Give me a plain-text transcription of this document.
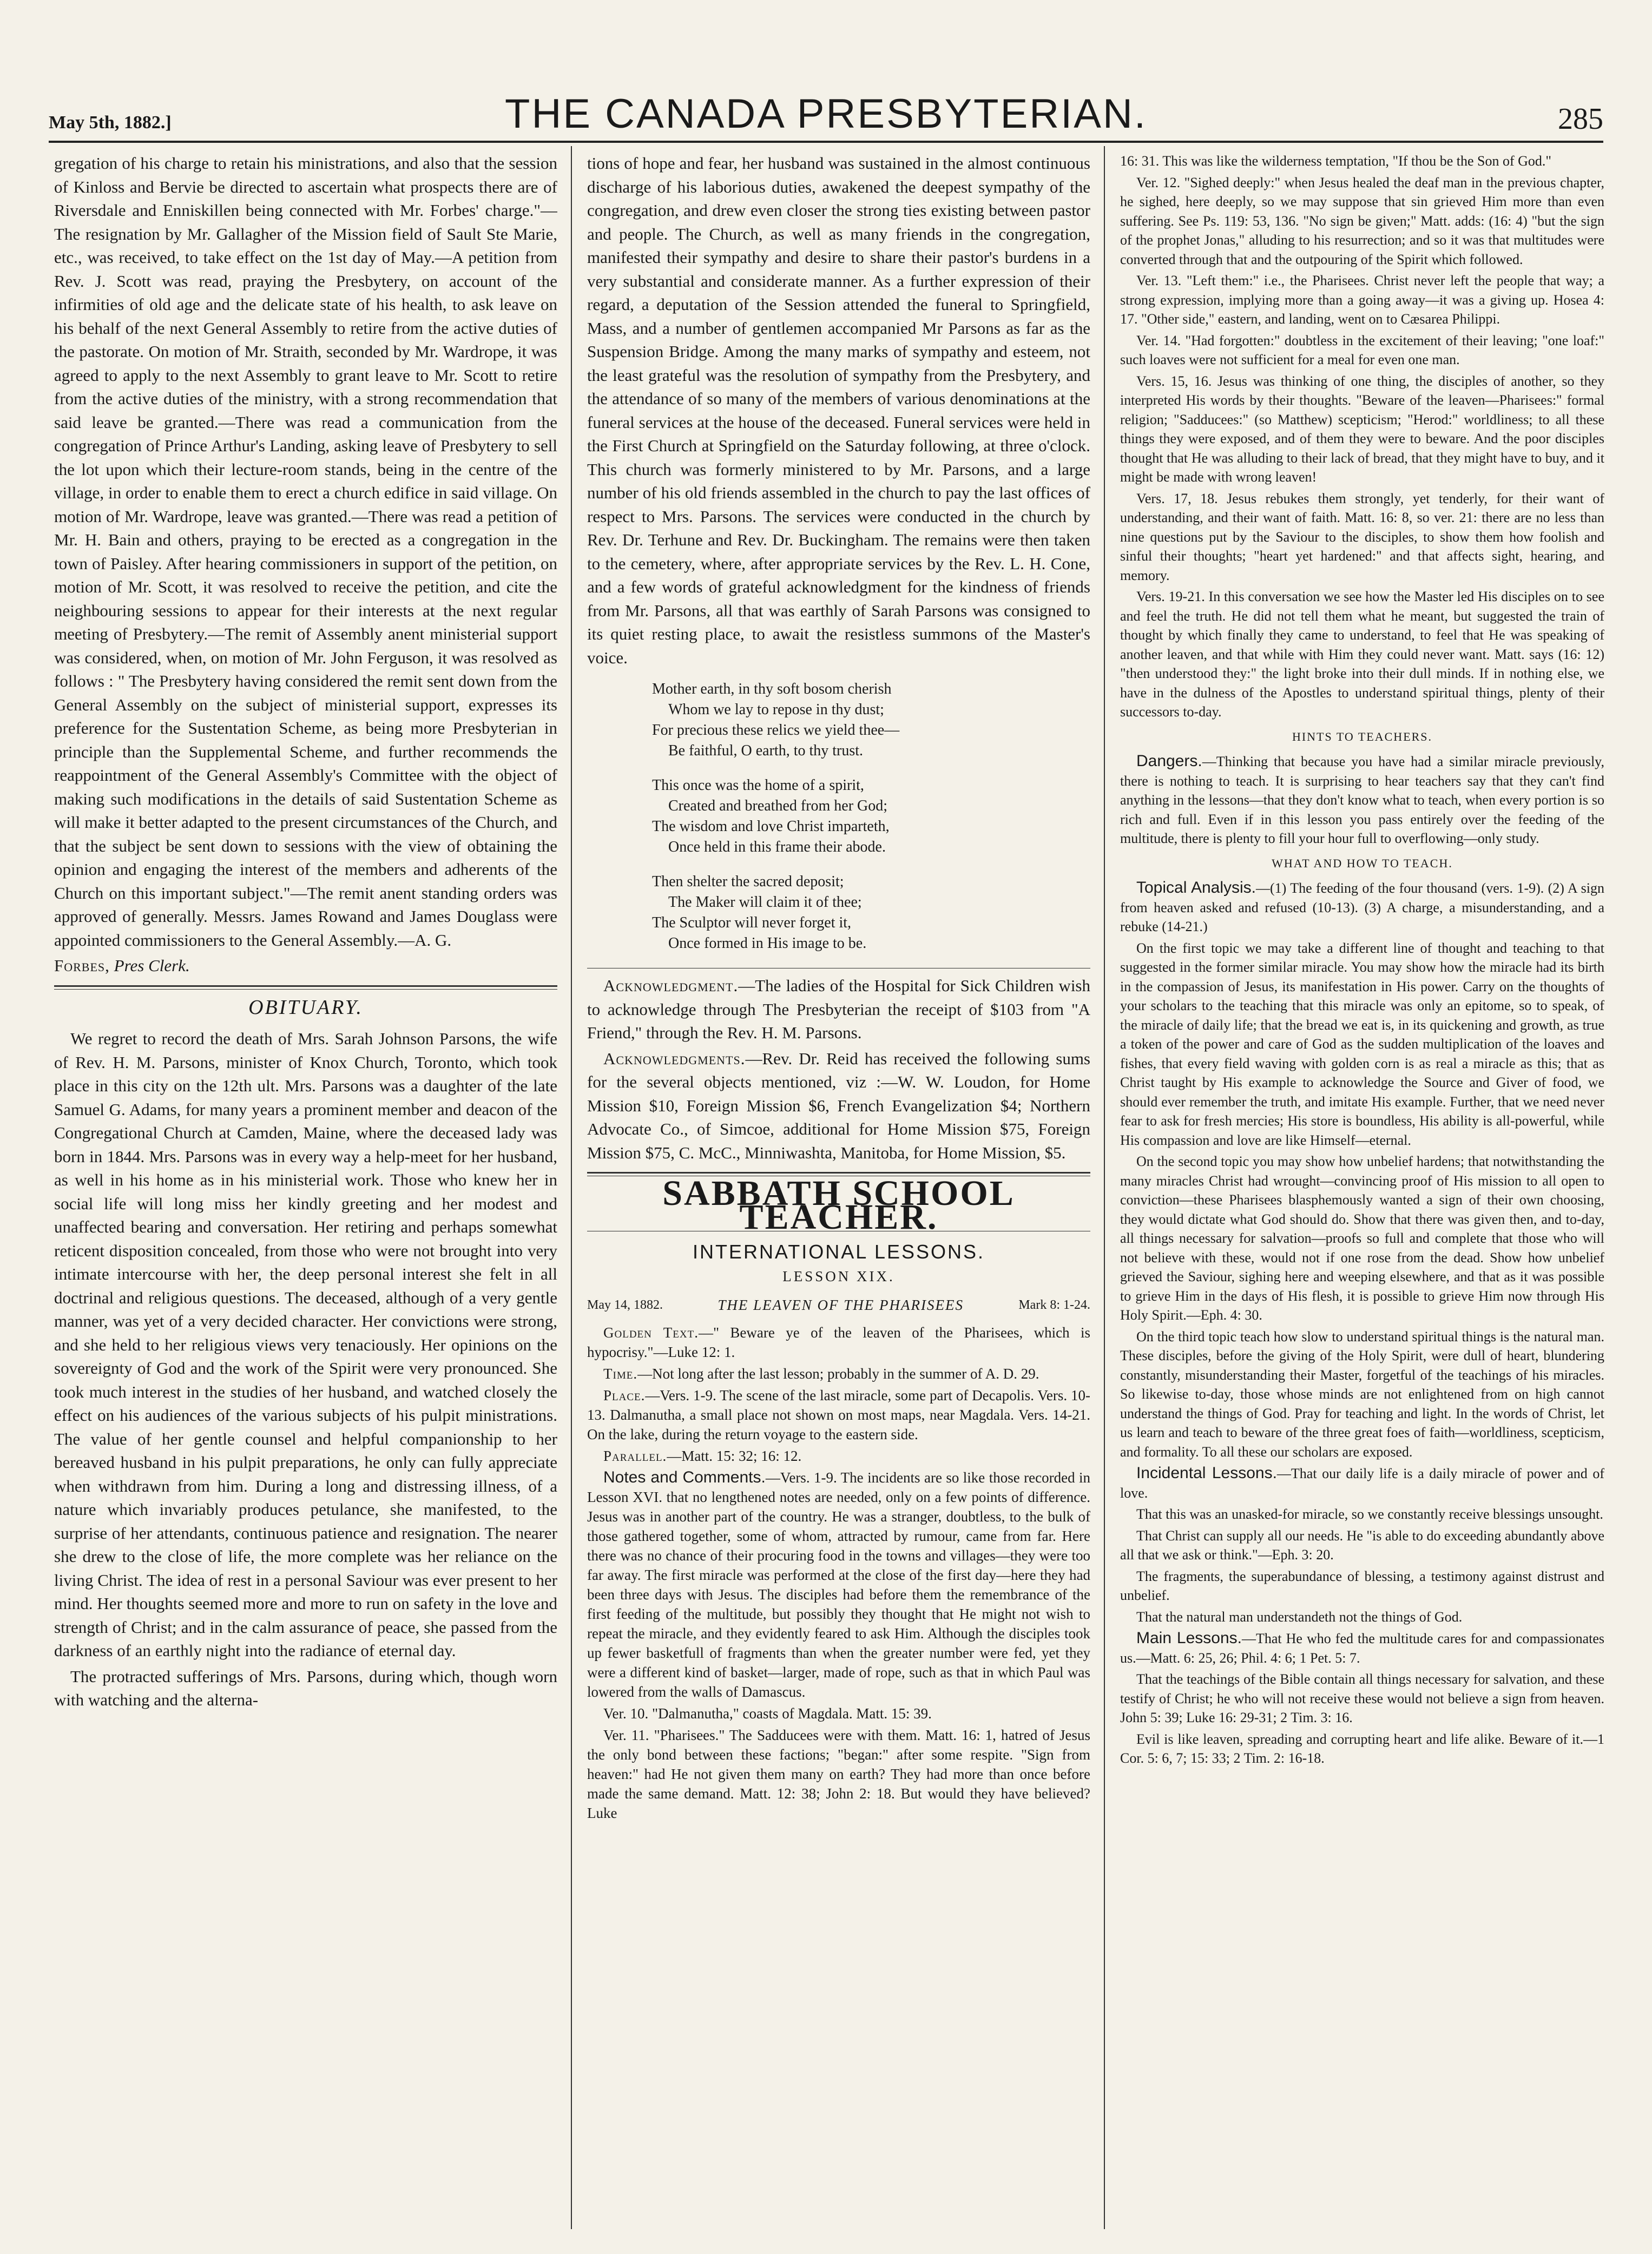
May 5th, 1882.]	THE CANADA PRESBYTERIAN.	285

gregation of his charge to retain his ministrations, and also that the session of Kinloss and Bervie be directed to ascertain what prospects there are of Riversdale and Enniskillen being connected with Mr. Forbes' charge."—The resignation by Mr. Gallagher of the Mission field of Sault Ste Marie, etc., was received, to take effect on the 1st day of May.—A petition from Rev. J. Scott was read, praying the Presbytery, on account of the infirmities of old age and the delicate state of his health, to ask leave on his behalf of the next General Assembly to retire from the active duties of the pastorate. On motion of Mr. Straith, seconded by Mr. Wardrope, it was agreed to apply to the next Assembly to grant leave to Mr. Scott to retire from the active duties of the ministry, with a strong recommendation that said leave be granted.—There was read a communication from the congregation of Prince Arthur's Landing, asking leave of Presbytery to sell the lot upon which their lecture-room stands, being in the centre of the village, in order to enable them to erect a church edifice in said village. On motion of Mr. Wardrope, leave was granted.—There was read a petition of Mr. H. Bain and others, praying to be erected as a congregation in the town of Paisley. After hearing commissioners in support of the petition, on motion of Mr. Scott, it was resolved to receive the petition, and cite the neighbouring sessions to appear for their interests at the next regular meeting of Presbytery.—The remit of Assembly anent ministerial support was considered, when, on motion of Mr. John Ferguson, it was resolved as follows : " The Presbytery having considered the remit sent down from the General Assembly on the subject of ministerial support, expresses its preference for the Sustentation Scheme, as being more Presbyterian in principle than the Supplemental Scheme, and further recommends the reappointment of the General Assembly's Committee with the object of making such modifications in the details of said Sustentation Scheme as will make it better adapted to the present circumstances of the Church, and that the subject be sent down to sessions with the view of obtaining the opinion and engaging the interest of the members and adherents of the Church on this important subject."—The remit anent standing orders was approved of generally. Messrs. James Rowand and James Douglass were appointed commissioners to the General Assembly.—A. G.

Forbes, Pres Clerk.

OBITUARY.

We regret to record the death of Mrs. Sarah Johnson Parsons, the wife of Rev. H. M. Parsons, minister of Knox Church, Toronto, which took place in this city on the 12th ult. Mrs. Parsons was a daughter of the late Samuel G. Adams, for many years a prominent member and deacon of the Congregational Church at Camden, Maine, where the deceased lady was born in 1844. Mrs. Parsons was in every way a help-meet for her husband, as well in his home as in his ministerial work. Those who knew her in social life will long miss her kindly greeting and her modest and unaffected bearing and conversation. Her retiring and perhaps somewhat reticent disposition concealed, from those who were not brought into very intimate intercourse with her, the deep personal interest she felt in all doctrinal and religious questions. The deceased, although of a very gentle manner, was yet of a very decided character. Her convictions were strong, and she held to her religious views very tenaciously. Her opinions on the sovereignty of God and the work of the Spirit were very pronounced. She took much interest in the studies of her husband, and watched closely the effect on his audiences of the various subjects of his pulpit ministrations. The value of her gentle counsel and helpful companionship to her bereaved husband in his pulpit preparations, he only can fully appreciate when withdrawn from him. During a long and distressing illness, of a nature which invariably produces petulance, she manifested, to the surprise of her attendants, continuous patience and resignation. The nearer she drew to the close of life, the more complete was her reliance on the living Christ. The idea of rest in a personal Saviour was ever present to her mind. Her thoughts seemed more and more to run on safety in the love and strength of Christ; and in the calm assurance of peace, she passed from the darkness of an earthly night into the radiance of eternal day.

The protracted sufferings of Mrs. Parsons, during which, though worn with watching and the alterna-

tions of hope and fear, her husband was sustained in the almost continuous discharge of his laborious duties, awakened the deepest sympathy of the congregation, and drew even closer the strong ties existing between pastor and people. The Church, as well as many friends in the congregation, manifested their sympathy and desire to share their pastor's burdens in a very substantial and considerate manner. As a further expression of their regard, a deputation of the Session attended the funeral to Springfield, Mass, and a number of gentlemen accompanied Mr Parsons as far as the Suspension Bridge. Among the many marks of sympathy and esteem, not the least grateful was the resolution of sympathy from the Presbytery, and the attendance of so many of the members of various denominations at the funeral services at the house of the deceased. Funeral services were held in the First Church at Springfield on the Saturday following, at three o'clock. This church was formerly ministered to by Mr. Parsons, and a large number of his old friends assembled in the church to pay the last offices of respect to Mrs. Parsons. The services were conducted in the church by Rev. Dr. Terhune and Rev. Dr. Buckingham. The remains were then taken to the cemetery, where, after appropriate services by the Rev. L. H. Cone, and a few words of grateful acknowledgment for the kindness of friends from Mr. Parsons, all that was earthly of Sarah Parsons was consigned to its quiet resting place, to await the resistless summons of the Master's voice.

Mother earth, in thy soft bosom cherish
Whom we lay to repose in thy dust;
For precious these relics we yield thee—
Be faithful, O earth, to thy trust.
This once was the home of a spirit,
Created and breathed from her God;
The wisdom and love Christ imparteth,
Once held in this frame their abode.
Then shelter the sacred deposit;
The Maker will claim it of thee;
The Sculptor will never forget it,
Once formed in His image to be.

Acknowledgment.—The ladies of the Hospital for Sick Children wish to acknowledge through The Presbyterian the receipt of $103 from "A Friend," through the Rev. H. M. Parsons.

Acknowledgments.—Rev. Dr. Reid has received the following sums for the several objects mentioned, viz :—W. W. Loudon, for Home Mission $10, Foreign Mission $6, French Evangelization $4; Northern Advocate Co., of Simcoe, additional for Home Mission $75, Foreign Mission $75, C. McC., Minniwashta, Manitoba, for Home Mission, $5.

SABBATH SCHOOL TEACHER.
INTERNATIONAL LESSONS.
LESSON XIX.
May 14, 1882.	THE LEAVEN OF THE PHARISEES	Mark 8: 1-24.

Golden Text.—" Beware ye of the leaven of the Pharisees, which is hypocrisy."—Luke 12: 1.

Time.—Not long after the last lesson; probably in the summer of A. D. 29.

Place.—Vers. 1-9. The scene of the last miracle, some part of Decapolis. Vers. 10-13. Dalmanutha, a small place not shown on most maps, near Magdala. Vers. 14-21. On the lake, during the return voyage to the eastern side.

Parallel.—Matt. 15: 32; 16: 12.

Notes and Comments.—Vers. 1-9. The incidents are so like those recorded in Lesson XVI. that no lengthened notes are needed, only on a few points of difference. Jesus was in another part of the country. He was a stranger, doubtless, to the bulk of those gathered together, some of whom, attracted by rumour, came from far. Here there was no chance of their procuring food in the towns and villages—they were too far away. The first miracle was performed at the close of the first day—here they had been three days with Jesus. The disciples had before them the remembrance of the first feeding of the multitude, but possibly they thought that He might not wish to repeat the miracle, and they evidently feared to ask Him. Although the disciples took up fewer basketfull of fragments than when the greater number were fed, yet they were a different kind of basket—larger, made of rope, such as that in which Paul was lowered from the walls of Damascus.

Ver. 10. "Dalmanutha," coasts of Magdala. Matt. 15: 39.

Ver. 11. "Pharisees." The Sadducees were with them. Matt. 16: 1, hatred of Jesus the only bond between these factions; "began:" after some respite. "Sign from heaven:" had He not given them many on earth? They had more than once before made the same demand. Matt. 12: 38; John 2: 18. But would they have believed? Luke

16: 31. This was like the wilderness temptation, "If thou be the Son of God."

Ver. 12. "Sighed deeply:" when Jesus healed the deaf man in the previous chapter, he sighed, here deeply, so we may suppose that sin grieved Him more than even suffering. See Ps. 119: 53, 136. "No sign be given;" Matt. adds: (16: 4) "but the sign of the prophet Jonas," alluding to his resurrection; and so it was that multitudes were converted through that and the outpouring of the Spirit which followed.

Ver. 13. "Left them:" i.e., the Pharisees. Christ never left the people that way; a strong expression, implying more than a going away—it was a giving up. Hosea 4: 17. "Other side," eastern, and landing, went on to Cæsarea Philippi.

Ver. 14. "Had forgotten:" doubtless in the excitement of their leaving; "one loaf:" such loaves were not sufficient for a meal for even one man.

Vers. 15, 16. Jesus was thinking of one thing, the disciples of another, so they interpreted His words by their thoughts. "Beware of the leaven—Pharisees:" formal religion; "Sadducees:" (so Matthew) scepticism; "Herod:" worldliness; to all these things they were exposed, and of them they were to beware. And the poor disciples thought that He was alluding to their lack of bread, that they might have to buy, and it might be made with wrong leaven!

Vers. 17, 18. Jesus rebukes them strongly, yet tenderly, for their want of understanding, and their want of faith. Matt. 16: 8, so ver. 21: there are no less than nine questions put by the Saviour to the disciples, to show them how foolish and sinful their thoughts; "heart yet hardened:" and that affects sight, hearing, and memory.

Vers. 19-21. In this conversation we see how the Master led His disciples on to see and feel the truth. He did not tell them what he meant, but suggested the train of thought by which finally they came to understand, to feel that He was speaking of another leaven, and that while with Him they could never want. Matt. says (16: 12) "then understood they:" the light broke into their dull minds. If in nothing else, we have in the dulness of the Apostles to understand spiritual things, plenty of their successors to-day.

HINTS TO TEACHERS.

Dangers.—Thinking that because you have had a similar miracle previously, there is nothing to teach. It is surprising to hear teachers say that they can't find anything in the lessons—that they don't know what to teach, when every portion is so rich and full. Even if in this lesson you pass entirely over the feeding of the multitude, there is plenty to fill your hour full to overflowing—only study.

WHAT AND HOW TO TEACH.

Topical Analysis.—(1) The feeding of the four thousand (vers. 1-9). (2) A sign from heaven asked and refused (10-13). (3) A charge, a misunderstanding, and a rebuke (14-21.)

On the first topic we may take a different line of thought and teaching to that suggested in the former similar miracle. You may show how the miracle had its birth in the compassion of Jesus, its manifestation in His power. Carry on the thoughts of your scholars to the teaching that this miracle was only an epitome, so to speak, of the miracle of daily life; that the bread we eat is, in its quickening and growth, as true a token of the power and care of God as the sudden multiplication of the loaves and fishes, that every field waving with golden corn is as real a miracle as this; that as Christ taught by His example to acknowledge the Source and Giver of food, we should ever remember the truth, and imitate His example. Further, that we need never fear to ask for fresh mercies; His store is boundless, His ability is all-powerful, while His compassion and love are like Himself—eternal.

On the second topic you may show how unbelief hardens; that notwithstanding the many miracles Christ had wrought—convincing proof of His mission to all open to conviction—these Pharisees blasphemously wanted a sign of their own choosing, they would dictate what God should do. Show that there was given then, and to-day, all things necessary for salvation—proofs so full and complete that those who will not believe with these, would not if one rose from the dead. Show how unbelief grieved the Saviour, sighing here and weeping elsewhere, and that as it was possible to grieve Him in the days of His flesh, it is possible to grieve Him now through His Holy Spirit.—Eph. 4: 30.

On the third topic teach how slow to understand spiritual things is the natural man. These disciples, before the giving of the Holy Spirit, were dull of heart, blundering constantly, misunderstanding their Master, forgetful of the teachings of his miracles. So likewise to-day, those whose minds are not enlightened from on high cannot understand the things of God. Pray for teaching and light. In the words of Christ, let us learn and teach to beware of the three great foes of faith—worldliness, scepticism, and formality. To all these our scholars are exposed.

Incidental Lessons.—That our daily life is a daily miracle of power and of love.

That this was an unasked-for miracle, so we constantly receive blessings unsought.

That Christ can supply all our needs. He "is able to do exceeding abundantly above all that we ask or think."—Eph. 3: 20.

The fragments, the superabundance of blessing, a testimony against distrust and unbelief.

That the natural man understandeth not the things of God.

Main Lessons.—That He who fed the multitude cares for and compassionates us.—Matt. 6: 25, 26; Phil. 4: 6; 1 Pet. 5: 7.

That the teachings of the Bible contain all things necessary for salvation, and these testify of Christ; he who will not receive these would not believe a sign from heaven. John 5: 39; Luke 16: 29-31; 2 Tim. 3: 16.

Evil is like leaven, spreading and corrupting heart and life alike. Beware of it.—1 Cor. 5: 6, 7; 15: 33; 2 Tim. 2: 16-18.
